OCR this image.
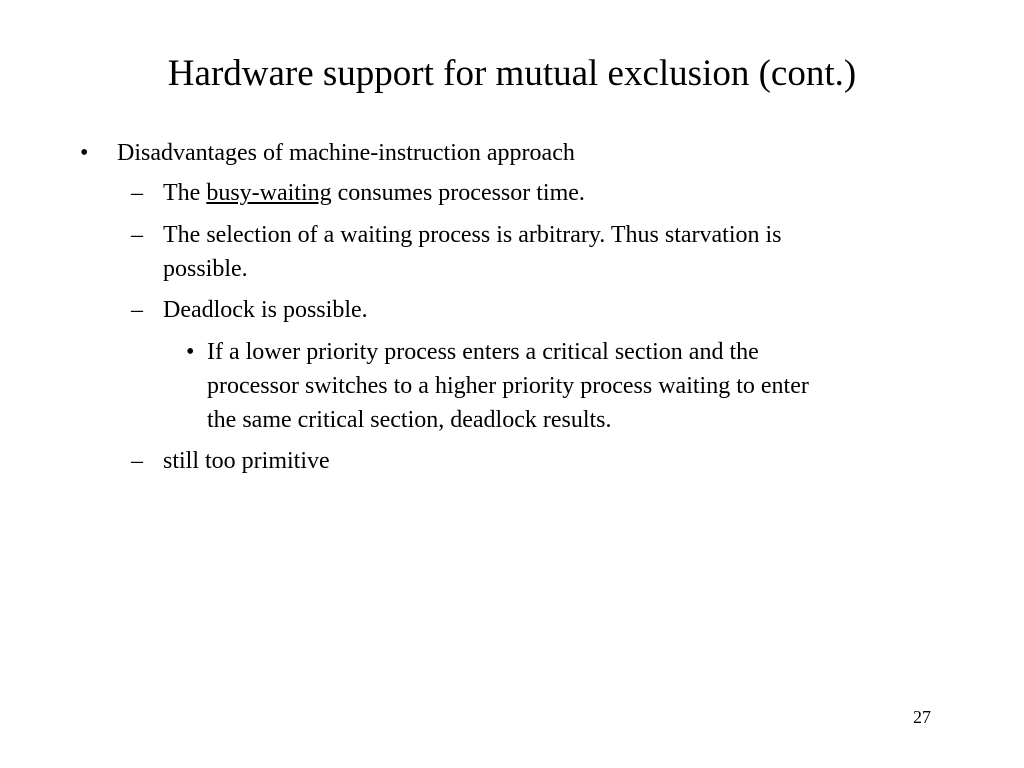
Hardware support for mutual exclusion (cont.)
• Disadvantages of machine-instruction approach
– The busy-waiting consumes processor time.
– The selection of a waiting process is arbitrary. Thus starvation is
possible.
– Deadlock is possible.
• If a lower priority process enters a critical section and the
processor switches to a higher priority process waiting to enter
the same critical section, deadlock results.
– still too primitive
27
